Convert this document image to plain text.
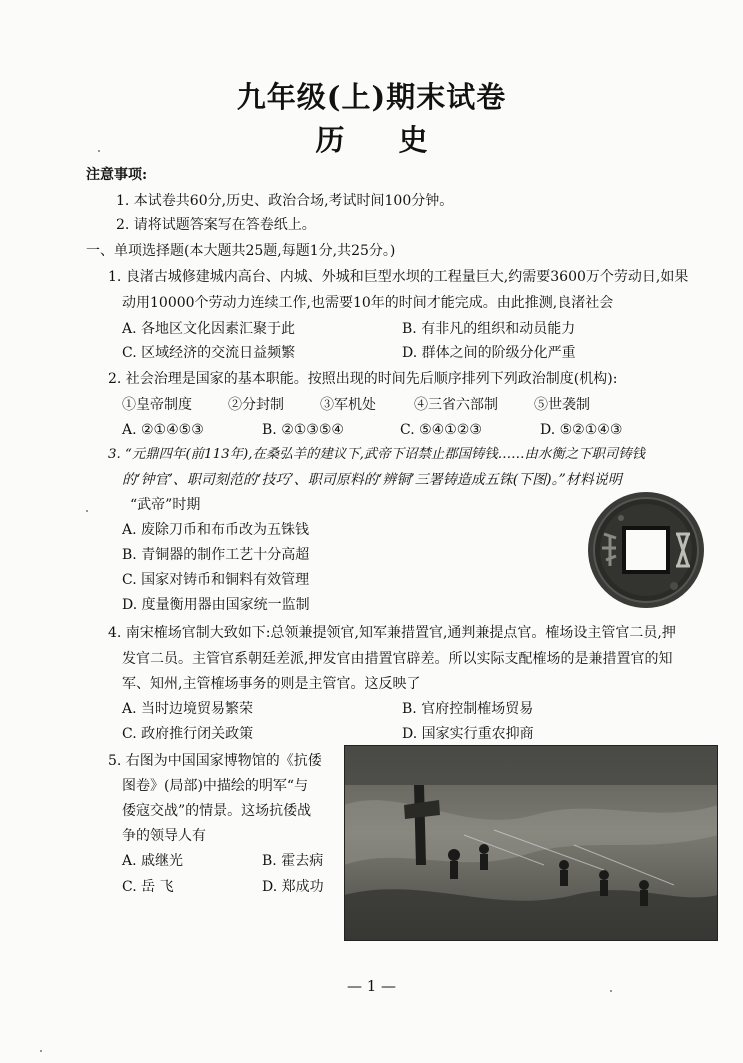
九年级(上)期末试卷
历 史
注意事项:
1. 本试卷共60分,历史、政治合场,考试时间100分钟。
2. 请将试题答案写在答卷纸上。
一、单项选择题(本大题共25题,每题1分,共25分。)
1. 良渚古城修建城内高台、内城、外城和巨型水坝的工程量巨大,约需要3600万个劳动日,如果
动用10000个劳动力连续工作,也需要10年的时间才能完成。由此推测,良渚社会
A. 各地区文化因素汇聚于此	B. 有非凡的组织和动员能力
C. 区域经济的交流日益频繁	D. 群体之间的阶级分化严重
2. 社会治理是国家的基本职能。按照出现的时间先后顺序排列下列政治制度(机构):
①皇帝制度	②分封制	③军机处	④三省六部制	⑤世袭制
A. ②①④⑤③	B. ②①③⑤④	C. ⑤④①②③	D. ⑤②①④③
3. “元鼎四年(前113年),在桑弘羊的建议下,武帝下诏禁止郡国铸钱……由水衡之下职司铸钱
的‘钟官’、职司刻范的‘技巧’、职司原料的‘辨铜’三署铸造成五铢(下图)。”材料说明
“武帝”时期
A. 废除刀币和布币改为五铢钱
B. 青铜器的制作工艺十分高超
C. 国家对铸币和铜料有效管理
D. 度量衡用器由国家统一监制
4. 南宋榷场官制大致如下:总领兼提领官,知军兼措置官,通判兼提点官。榷场设主管官二员,押
发官二员。主管官系朝廷差派,押发官由措置官辟差。所以实际支配榷场的是兼措置官的知
军、知州,主管榷场事务的则是主管官。这反映了
A. 当时边境贸易繁荣	B. 官府控制榷场贸易
C. 政府推行闭关政策	D. 国家实行重农抑商
5. 右图为中国国家博物馆的《抗倭
图卷》(局部)中描绘的明军“与
倭寇交战”的情景。这场抗倭战
争的领导人有
A. 戚继光	B. 霍去病
C. 岳 飞	D. 郑成功
— 1 —
